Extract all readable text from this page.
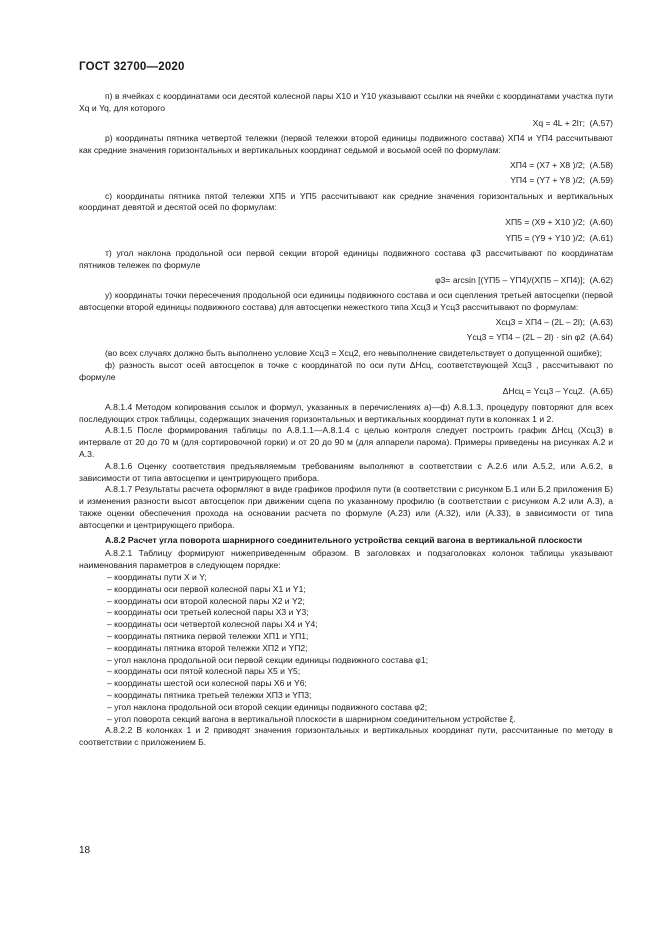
ГОСТ 32700—2020

п) в ячейках с координатами оси десятой колесной пары X10 и Y10 указывают ссылки на ячейки с координатами участка пути Xq и Yq, для которого

Xq = 4L + 2lт; (А.57)

р) координаты пятника четвертой тележки (первой тележки второй единицы подвижного состава) XП4 и YП4 рассчитывают как средние значения горизонтальных и вертикальных координат седьмой и восьмой осей по формулам:

XП4 = (X7 + X8 )/2; (А.58)
YП4 = (Y7 + Y8 )/2; (А.59)

с) координаты пятника пятой тележки XП5 и YП5 рассчитывают как средние значения горизонтальных и вертикальных координат девятой и десятой осей по формулам:

XП5 = (X9 + X10 )/2; (А.60)
YП5 = (Y9 + Y10 )/2; (А.61)

т) угол наклона продольной оси первой секции второй единицы подвижного состава φ3 рассчитывают по координатам пятников тележек по формуле

φ3= arcsin [(YП5 – YП4)/(XП5 – XП4)]; (А.62)

у) координаты точки пересечения продольной оси единицы подвижного состава и оси сцепления третьей автосцепки (первой автосцепки второй единицы подвижного состава) для автосцепки нежесткого типа Xсц3 и Yсц3 рассчитывают по формулам:

Xсц3 = XП4 – (2L – 2l); (А.63)
Yсц3 = YП4 – (2L – 2l) · sin φ2 (А.64)

(во всех случаях должно быть выполнено условие Xсц3 = Xсц2, его невыполнение свидетельствует о допущенной ошибке);

ф) разность высот осей автосцепок в точке с координатой по оси пути ΔHсц, соответствующей Xсц3 , рассчитывают по формуле

ΔHсц = Yсц3 – Yсц2. (А.65)

А.8.1.4 Методом копирования ссылок и формул, указанных в перечислениях а)—ф) А.8.1.3, процедуру повторяют для всех последующих строк таблицы, содержащих значения горизонтальных и вертикальных координат пути в колонках 1 и 2.

А.8.1.5 После формирования таблицы по А.8.1.1—А.8.1.4 с целью контроля следует построить график ΔHсц (Xсц3) в интервале от 20 до 70 м (для сортировочной горки) и от 20 до 90 м (для аппарели парома). Примеры приведены на рисунках А.2 и А.3.

А.8.1.6 Оценку соответствия предъявляемым требованиям выполняют в соответствии с А.2.6 или А.5.2, или А.6.2, в зависимости от типа автосцепки и центрирующего прибора.

А.8.1.7 Результаты расчета оформляют в виде графиков профиля пути (в соответствии с рисунком Б.1 или Б.2 приложения Б) и изменения разности высот автосцепок при движении сцепа по указанному профилю (в соответствии с рисунком А.2 или А.3), а также оценки обеспечения прохода на основании расчета по формуле (А.23) или (А.32), или (А.33), в зависимости от типа автосцепки и центрирующего прибора.

А.8.2 Расчет угла поворота шарнирного соединительного устройства секций вагона в вертикальной плоскости

А.8.2.1 Таблицу формируют нижеприведенным образом. В заголовках и подзаголовках колонок таблицы указывают наименования параметров в следующем порядке:

– координаты пути X и Y;
– координаты оси первой колесной пары X1 и Y1;
– координаты оси второй колесной пары X2 и Y2;
– координаты оси третьей колесной пары X3 и Y3;
– координаты оси четвертой колесной пары X4 и Y4;
– координаты пятника первой тележки XП1 и YП1;
– координаты пятника второй тележки XП2 и YП2;
– угол наклона продольной оси первой секции единицы подвижного состава φ1;
– координаты оси пятой колесной пары X5 и Y5;
– координаты шестой оси колесной пары X6 и Y6;
– координаты пятника третьей тележки XП3 и YП3;
– угол наклона продольной оси второй секции единицы подвижного состава φ2;
– угол поворота секций вагона в вертикальной плоскости в шарнирном соединительном устройстве ξ.

А.8.2.2 В колонках 1 и 2 приводят значения горизонтальных и вертикальных координат пути, рассчитанные по методу в соответствии с приложением Б.

18
